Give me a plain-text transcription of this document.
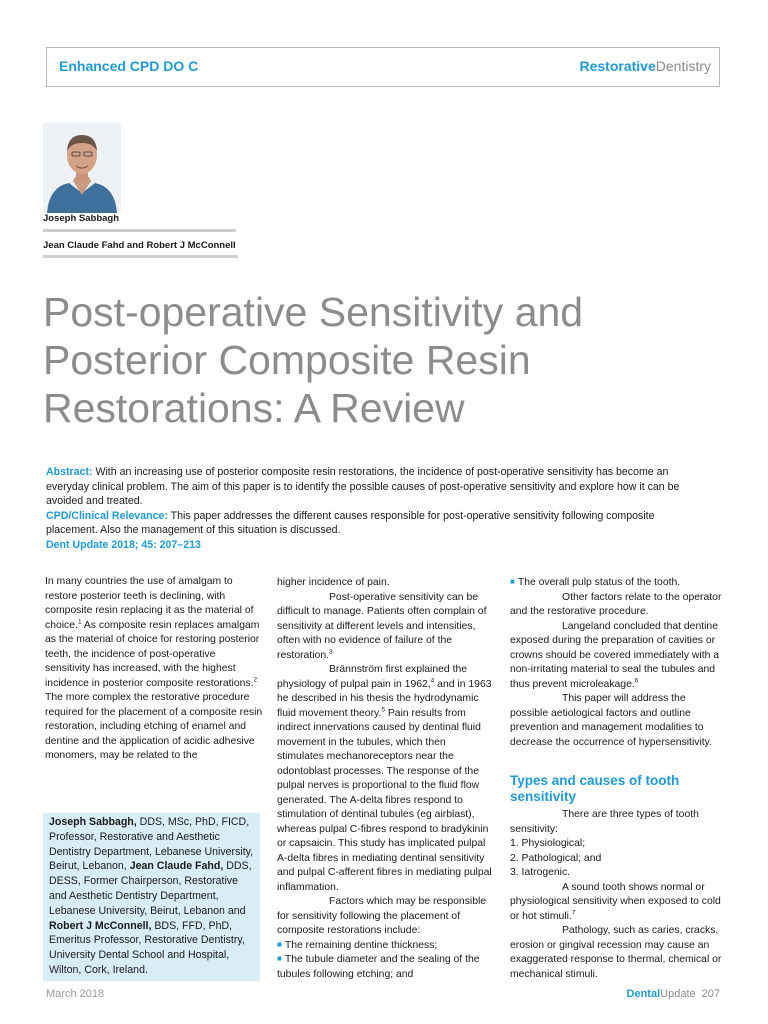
Enhanced CPD DO C	RestorativeDentistry
Joseph Sabbagh
Jean Claude Fahd and Robert J McConnell
Post-operative Sensitivity and Posterior Composite Resin Restorations: A Review

Abstract: With an increasing use of posterior composite resin restorations, the incidence of post-operative sensitivity has become an everyday clinical problem. The aim of this paper is to identify the possible causes of post-operative sensitivity and explore how it can be avoided and treated.

CPD/Clinical Relevance: This paper addresses the different causes responsible for post-operative sensitivity following composite placement. Also the management of this situation is discussed.

Dent Update 2018; 45: 207–213

In many countries the use of amalgam to restore posterior teeth is declining, with composite resin replacing it as the material of choice.$^1$ As composite resin replaces amalgam as the material of choice for restoring posterior teeth, the incidence of post-operative sensitivity has increased, with the highest incidence in posterior composite restorations.$^2$ The more complex the restorative procedure required for the placement of a composite resin restoration, including etching of enamel and dentine and the application of acidic adhesive monomers, may be related to the

Joseph Sabbagh, DDS, MSc, PhD, FICD, Professor, Restorative and Aesthetic Dentistry Department, Lebanese University, Beirut, Lebanon, Jean Claude Fahd, DDS, DESS, Former Chairperson, Restorative and Aesthetic Dentistry Department, Lebanese University, Beirut, Lebanon and Robert J McConnell, BDS, FFD, PhD, Emeritus Professor, Restorative Dentistry, University Dental School and Hospital, Wilton, Cork, Ireland.

higher incidence of pain.

Post-operative sensitivity can be difficult to manage. Patients often complain of sensitivity at different levels and intensities, often with no evidence of failure of the restoration.$^3$

Brännström first explained the physiology of pulpal pain in 1962,$^4$ and in 1963 he described in his thesis the hydrodynamic fluid movement theory.$^5$ Pain results from indirect innervations caused by dentinal fluid movement in the tubules, which then stimulates mechanoreceptors near the odontoblast processes. The response of the pulpal nerves is proportional to the fluid flow generated. The A-delta fibres respond to stimulation of dentinal tubules (eg airblast), whereas pulpal C-fibres respond to bradykinin or capsaicin. This study has implicated pulpal A-delta fibres in mediating dentinal sensitivity and pulpal C-afferent fibres in mediating pulpal inflammation.

Factors which may be responsible for sensitivity following the placement of composite restorations include:

■ The remaining dentine thickness;

■ The tubule diameter and the sealing of the tubules following etching; and

■ The overall pulp status of the tooth.

Other factors relate to the operator and the restorative procedure.

Langeland concluded that dentine exposed during the preparation of cavities or crowns should be covered immediately with a non-irritating material to seal the tubules and thus prevent microleakage.$^6$

This paper will address the possible aetiological factors and outline prevention and management modalities to decrease the occurrence of hypersensitivity.

Types and causes of tooth sensitivity

There are three types of tooth sensitivity:

1. Physiological;

2. Pathological; and

3. Iatrogenic.

A sound tooth shows normal or physiological sensitivity when exposed to cold or hot stimuli.$^7$

Pathology, such as caries, cracks, erosion or gingival recession may cause an exaggerated response to thermal, chemical or mechanical stimuli.

March 2018	DentalUpdate 207
